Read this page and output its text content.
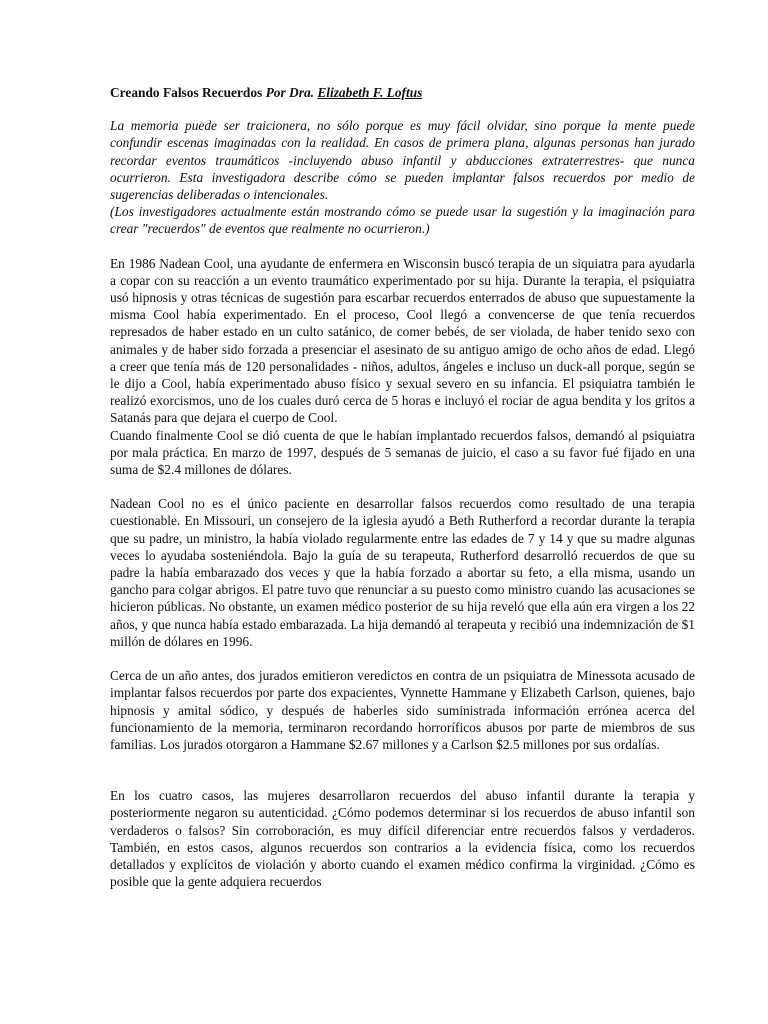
Creando Falsos Recuerdos Por Dra. Elizabeth F. Loftus

La memoria puede ser traicionera, no sólo porque es muy fácil olvidar, sino porque la mente puede confundir escenas imaginadas con la realidad. En casos de primera plana, algunas personas han jurado recordar eventos traumáticos -incluyendo abuso infantil y abducciones extraterrestres- que nunca ocurrieron. Esta investigadora describe cómo se pueden implantar falsos recuerdos por medio de sugerencias deliberadas o intencionales.

(Los investigadores actualmente están mostrando cómo se puede usar la sugestión y la imaginación para crear "recuerdos" de eventos que realmente no ocurrieron.)

En 1986 Nadean Cool, una ayudante de enfermera en Wisconsin buscó terapia de un siquiatra para ayudarla a copar con su reacción a un evento traumático experimentado por su hija. Durante la terapia, el psiquiatra usó hipnosis y otras técnicas de sugestión para escarbar recuerdos enterrados de abuso que supuestamente la misma Cool había experimentado. En el proceso, Cool llegó a convencerse de que tenía recuerdos represados de haber estado en un culto satánico, de comer bebés, de ser violada, de haber tenido sexo con animales y de haber sido forzada a presenciar el asesinato de su antiguo amigo de ocho años de edad. Llegó a creer que tenía más de 120 personalidades - niños, adultos, ángeles e incluso un duck-all porque, según se le dijo a Cool, había experimentado abuso físico y sexual severo en su infancia. El psiquiatra también le realizó exorcismos, uno de los cuales duró cerca de 5 horas e incluyó el rociar de agua bendita y los gritos a Satanás para que dejara el cuerpo de Cool.

Cuando finalmente Cool se dió cuenta de que le habían implantado recuerdos falsos, demandó al psiquiatra por mala práctica. En marzo de 1997, después de 5 semanas de juicio, el caso a su favor fué fijado en una suma de $2.4 millones de dólares.

Nadean Cool no es el único paciente en desarrollar falsos recuerdos como resultado de una terapia cuestionable. En Missouri, un consejero de la iglesia ayudó a Beth Rutherford a recordar durante la terapia que su padre, un ministro, la había violado regularmente entre las edades de 7 y 14 y que su madre algunas veces lo ayudaba sosteniéndola. Bajo la guía de su terapeuta, Rutherford desarrolló recuerdos de que su padre la había embarazado dos veces y que la había forzado a abortar su feto, a ella misma, usando un gancho para colgar abrigos. El patre tuvo que renunciar a su puesto como ministro cuando las acusaciones se hicieron públicas. No obstante, un examen médico posterior de su hija reveló que ella aún era virgen a los 22 años, y que nunca había estado embarazada. La hija demandó al terapeuta y recibió una indemnización de $1 millón de dólares en 1996.

Cerca de un año antes, dos jurados emitieron veredictos en contra de un psiquiatra de Minessota acusado de implantar falsos recuerdos por parte dos expacientes, Vynnette Hammane y Elizabeth Carlson, quienes, bajo hipnosis y amital sódico, y después de haberles sido suministrada información errónea acerca del funcionamiento de la memoria, terminaron recordando horroríficos abusos por parte de miembros de sus familias. Los jurados otorgaron a Hammane $2.67 millones y a Carlson $2.5 millones por sus ordalías.

En los cuatro casos, las mujeres desarrollaron recuerdos del abuso infantil durante la terapia y posteriormente negaron su autenticidad. ¿Cómo podemos determinar si los recuerdos de abuso infantil son verdaderos o falsos? Sin corroboración, es muy difícil diferenciar entre recuerdos falsos y verdaderos. También, en estos casos, algunos recuerdos son contrarios a la evidencia física, como los recuerdos detallados y explícitos de violación y aborto cuando el examen médico confirma la virginidad. ¿Cómo es posible que la gente adquiera recuerdos
